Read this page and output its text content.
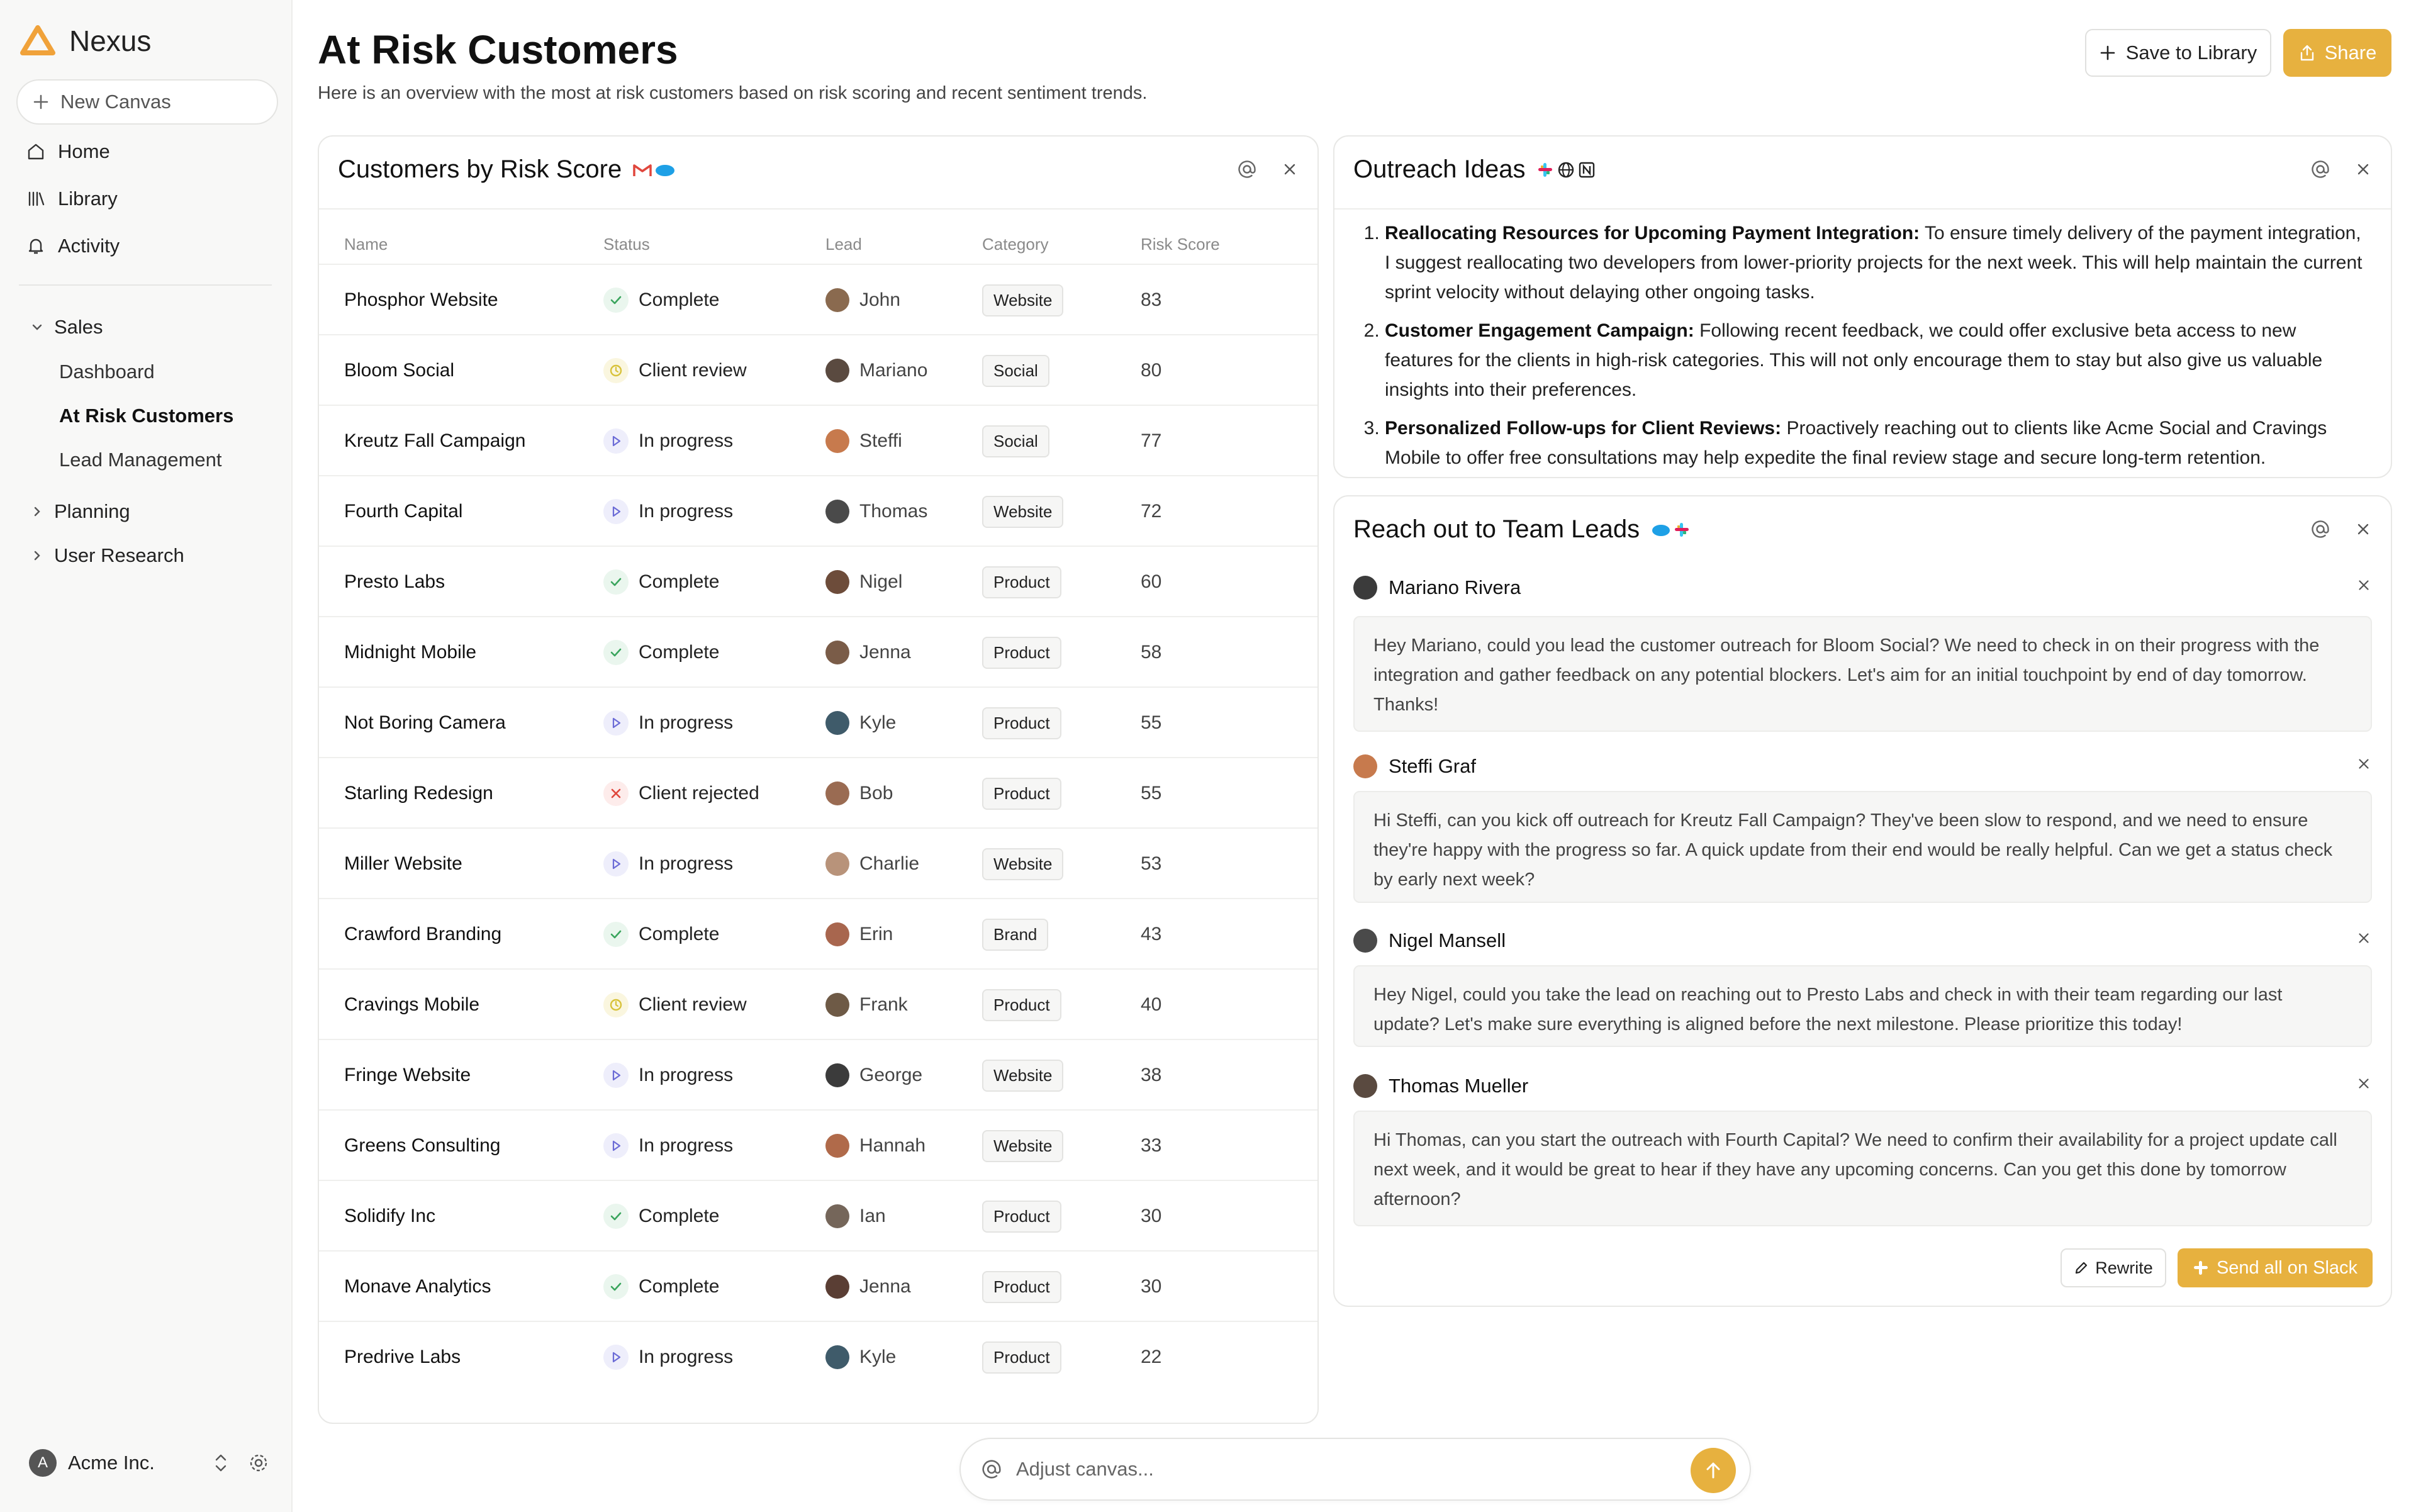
Nexus
New Canvas
Home
Library
Activity
Sales
Dashboard
At Risk Customers
Lead Management
Planning
User Research
A	Acme Inc.
At Risk Customers

Here is an overview with the most at risk customers based on risk scoring and recent sentiment trends.

Save to Library	Share
Customers by Risk Score
Name	Status	Lead	Category	Risk Score
Phosphor Website	Complete	John	Website	83
Bloom Social	Client review	Mariano	Social	80
Kreutz Fall Campaign	In progress	Steffi	Social	77
Fourth Capital	In progress	Thomas	Website	72
Presto Labs	Complete	Nigel	Product	60
Midnight Mobile	Complete	Jenna	Product	58
Not Boring Camera	In progress	Kyle	Product	55
Starling Redesign	Client rejected	Bob	Product	55
Miller Website	In progress	Charlie	Website	53
Crawford Branding	Complete	Erin	Brand	43
Cravings Mobile	Client review	Frank	Product	40
Fringe Website	In progress	George	Website	38
Greens Consulting	In progress	Hannah	Website	33
Solidify Inc	Complete	Ian	Product	30
Monave Analytics	Complete	Jenna	Product	30
Predrive Labs	In progress	Kyle	Product	22
Outreach Ideas
1. Reallocating Resources for Upcoming Payment Integration: To ensure timely delivery of the payment integration, I suggest reallocating two developers from lower-priority projects for the next week. This will help maintain the current sprint velocity without delaying other ongoing tasks.
2. Customer Engagement Campaign: Following recent feedback, we could offer exclusive beta access to new features for the clients in high-risk categories. This will not only encourage them to stay but also give us valuable insights into their preferences.
3. Personalized Follow-ups for Client Reviews: Proactively reaching out to clients like Acme Social and Cravings Mobile to offer free consultations may help expedite the final review stage and secure long-term retention.
Reach out to Team Leads
Mariano Rivera
Hey Mariano, could you lead the customer outreach for Bloom Social? We need to check in on their progress with the integration and gather feedback on any potential blockers. Let's aim for an initial touchpoint by end of day tomorrow. Thanks!
Steffi Graf
Hi Steffi, can you kick off outreach for Kreutz Fall Campaign? They've been slow to respond, and we need to ensure they're happy with the progress so far. A quick update from their end would be really helpful. Can we get a status check by early next week?
Nigel Mansell
Hey Nigel, could you take the lead on reaching out to Presto Labs and check in with their team regarding our last update? Let's make sure everything is aligned before the next milestone. Please prioritize this today!
Thomas Mueller
Hi Thomas, can you start the outreach with Fourth Capital? We need to confirm their availability for a project update call next week, and it would be great to hear if they have any upcoming concerns. Can you get this done by tomorrow afternoon?
Rewrite	Send all on Slack
Adjust canvas...
